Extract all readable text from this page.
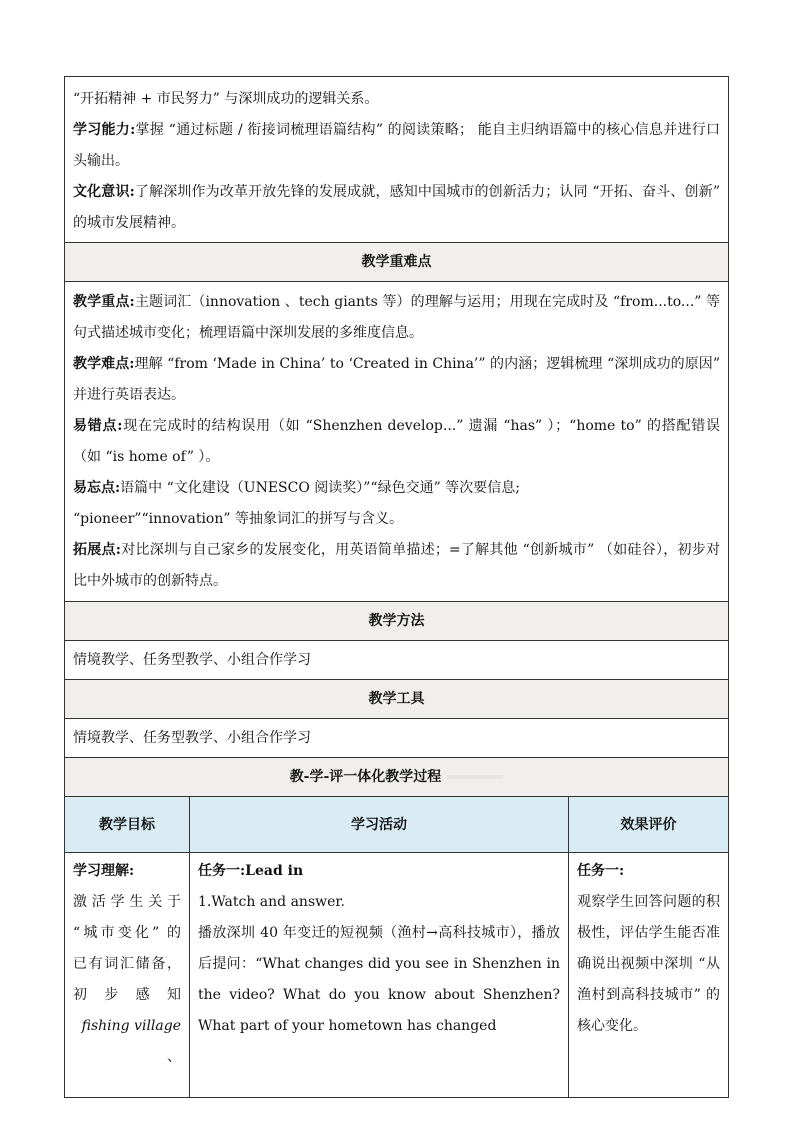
“开拓精神 + 市民努力” 与深圳成功的逻辑关系。
学习能力:掌握 “通过标题 / 衔接词梳理语篇结构” 的阅读策略； 能自主归纳语篇中的核心信息并进行口头输出。
文化意识:了解深圳作为改革开放先锋的发展成就，感知中国城市的创新活力；认同 “开拓、奋斗、创新” 的城市发展精神。
教学重难点
教学重点:主题词汇（innovation 、tech giants 等）的理解与运用；用现在完成时及 “from...to...” 等句式描述城市变化；梳理语篇中深圳发展的多维度信息。
教学难点:理解 “from ‘Made in China’ to ‘Created in China’” 的内涵；逻辑梳理 “深圳成功的原因” 并进行英语表达。
易错点:现在完成时的结构误用（如 “Shenzhen develop...” 遗漏 “has” ）；“home to” 的搭配错误（如 “is home of” ）。
易忘点:语篇中 “文化建设（UNESCO 阅读奖）”“绿色交通” 等次要信息;
“pioneer”“innovation” 等抽象词汇的拼写与含义。
拓展点:对比深圳与自己家乡的发展变化，用英语简单描述；=了解其他 “创新城市” （如硅谷），初步对比中外城市的创新特点。
教学方法
情境教学、任务型教学、小组合作学习
教学工具
情境教学、任务型教学、小组合作学习
教-学-评一体化教学过程
教学目标	学习活动	效果评价
学习理解:
激活学生关于
“城市变化” 的
已有词汇储备，
初步感知
fishing village 、
任务一:Lead in
1.Watch and answer.
播放深圳 40 年变迁的短视频（渔村→高科技城市），播放后提问：“What changes did you see in Shenzhen in the video? What do you know about Shenzhen? What part of your hometown has changed
任务一:
观察学生回答问题的积极性，评估学生能否准确说出视频中深圳 “从渔村到高科技城市” 的核心变化。
